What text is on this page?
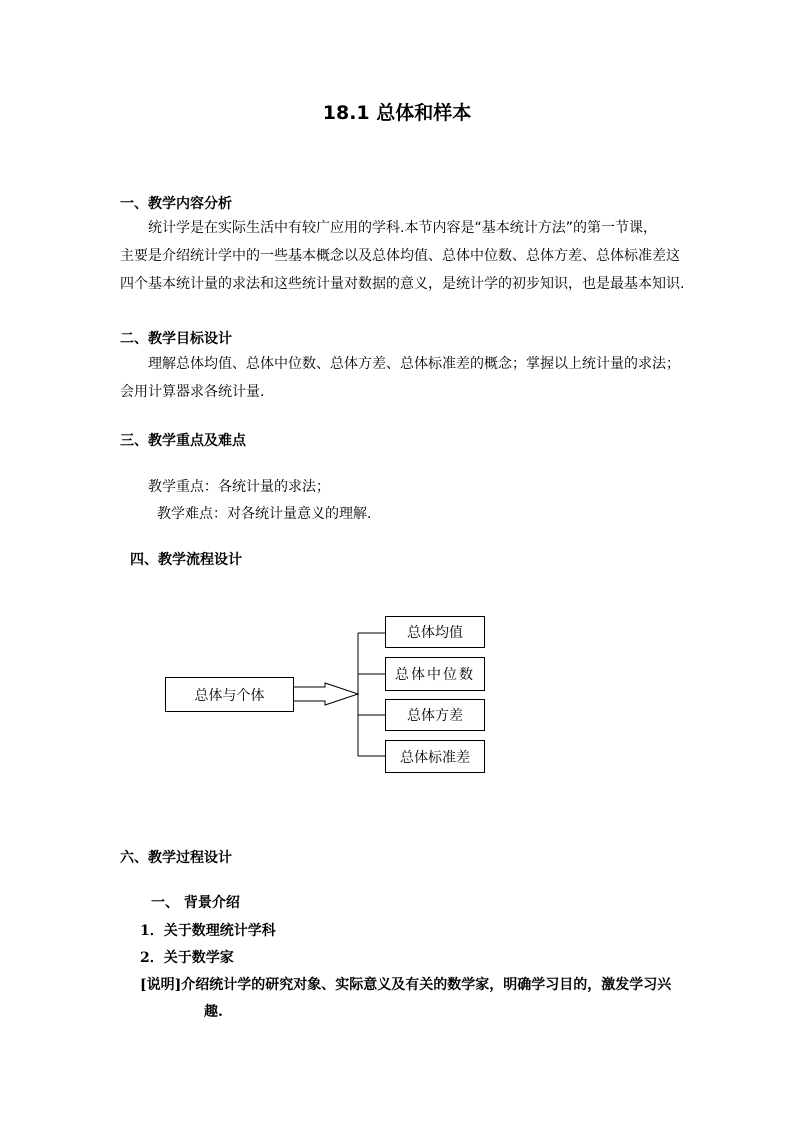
18.1 总体和样本
一、教学内容分析
统计学是在实际生活中有较广应用的学科.本节内容是“基本统计方法”的第一节课，
主要是介绍统计学中的一些基本概念以及总体均值、总体中位数、总体方差、总体标准差这
四个基本统计量的求法和这些统计量对数据的意义，是统计学的初步知识，也是最基本知识.
二、教学目标设计
理解总体均值、总体中位数、总体方差、总体标准差的概念；掌握以上统计量的求法；
会用计算器求各统计量.
三、教学重点及难点
教学重点：各统计量的求法；
教学难点：对各统计量意义的理解.
四、教学流程设计
总体与个体
总体均值
总体中位数
总体方差
总体标准差
六、教学过程设计
一、 背景介绍
1．关于数理统计学科
2．关于数学家
[说明]介绍统计学的研究对象、实际意义及有关的数学家，明确学习目的，激发学习兴
趣.
